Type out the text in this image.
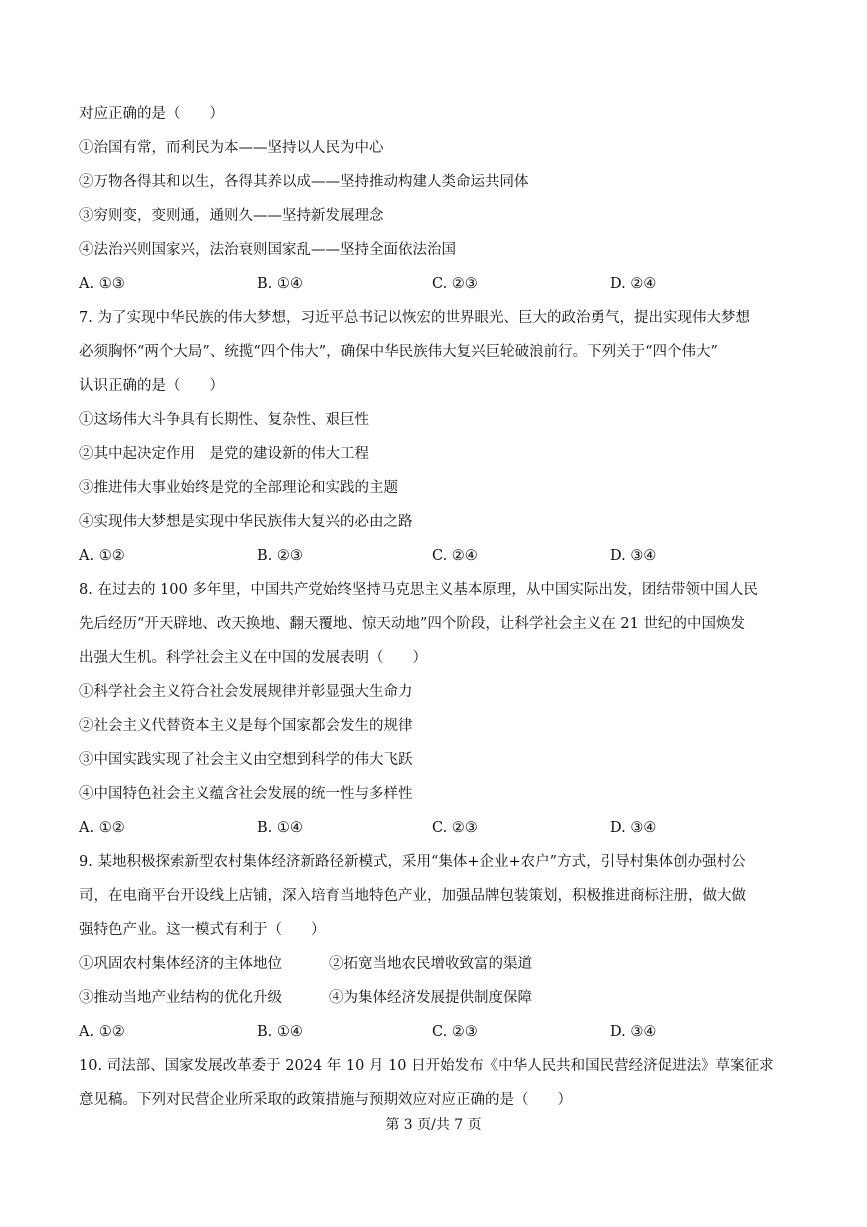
对应正确的是（　　）
①治国有常，而利民为本——坚持以人民为中心
②万物各得其和以生，各得其养以成——坚持推动构建人类命运共同体
③穷则变，变则通，通则久——坚持新发展理念
④法治兴则国家兴，法治衰则国家乱——坚持全面依法治国
A. ①③	B. ①④	C. ②③	D. ②④
7. 为了实现中华民族的伟大梦想，习近平总书记以恢宏的世界眼光、巨大的政治勇气，提出实现伟大梦想
必须胸怀“两个大局”、统揽“四个伟大”，确保中华民族伟大复兴巨轮破浪前行。下列关于“四个伟大”
认识正确的是（　　）
①这场伟大斗争具有长期性、复杂性、艰巨性
②其中起决定作用　是党的建设新的伟大工程
③推进伟大事业始终是党的全部理论和实践的主题
④实现伟大梦想是实现中华民族伟大复兴的必由之路
A. ①②	B. ②③	C. ②④	D. ③④
8. 在过去的 100 多年里，中国共产党始终坚持马克思主义基本原理，从中国实际出发，团结带领中国人民
先后经历“开天辟地、改天换地、翻天覆地、惊天动地”四个阶段，让科学社会主义在 21 世纪的中国焕发
出强大生机。科学社会主义在中国的发展表明（　　）
①科学社会主义符合社会发展规律并彰显强大生命力
②社会主义代替资本主义是每个国家都会发生的规律
③中国实践实现了社会主义由空想到科学的伟大飞跃
④中国特色社会主义蕴含社会发展的统一性与多样性
A. ①②	B. ①④	C. ②③	D. ③④
9. 某地积极探索新型农村集体经济新路径新模式，采用“集体+企业+农户”方式，引导村集体创办强村公
司，在电商平台开设线上店铺，深入培育当地特色产业，加强品牌包装策划，积极推进商标注册，做大做
强特色产业。这一模式有利于（　　）
①巩固农村集体经济的主体地位	②拓宽当地农民增收致富的渠道
③推动当地产业结构的优化升级	④为集体经济发展提供制度保障
A. ①②	B. ①④	C. ②③	D. ③④
10. 司法部、国家发展改革委于 2024 年 10 月 10 日开始发布《中华人民共和国民营经济促进法》草案征求
意见稿。下列对民营企业所采取的政策措施与预期效应对应正确的是（　　）
第 3 页/共 7 页
